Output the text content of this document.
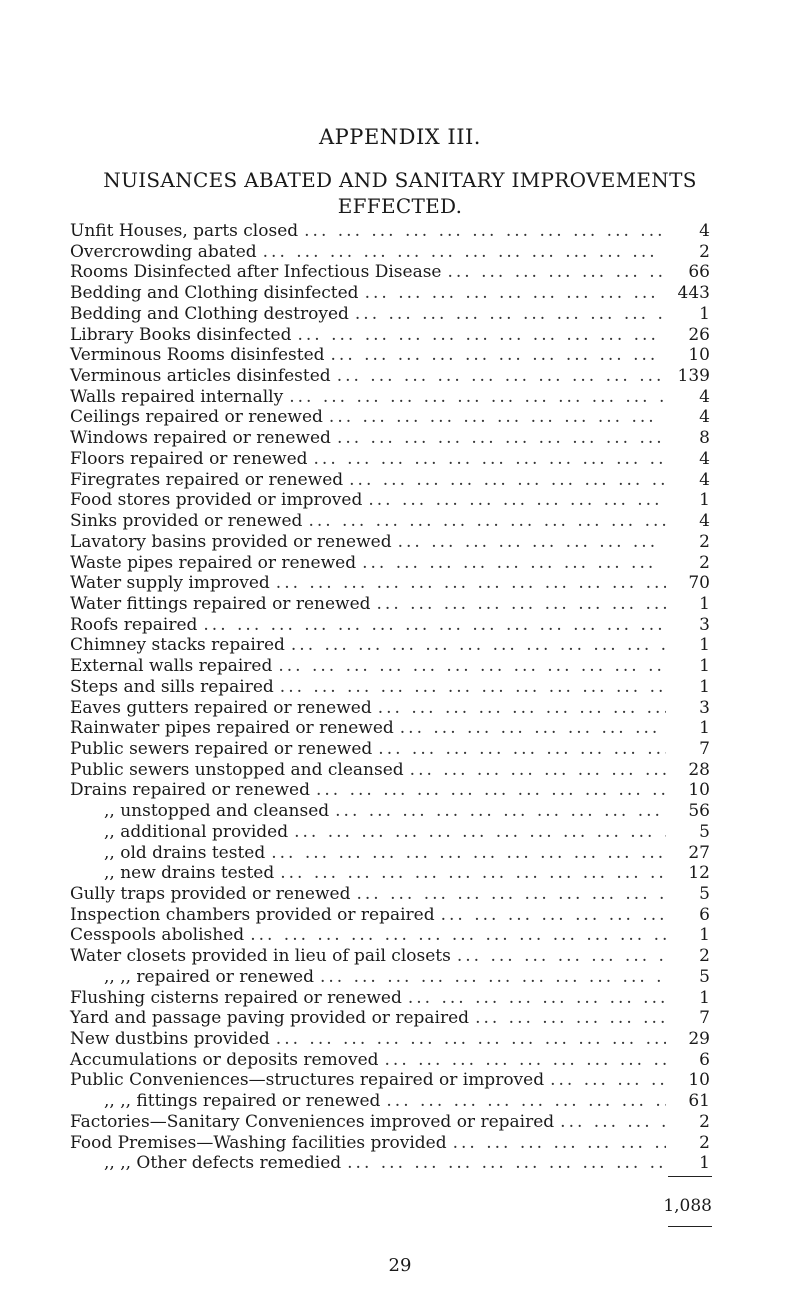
APPENDIX III.
NUISANCES ABATED AND SANITARY IMPROVEMENTS EFFECTED.
Unfit Houses, parts closed ... .	4
Overcrowding abated ... .	2
Rooms Disinfected after Infectious Disease ... .	66
Bedding and Clothing disinfected ... .	443
Bedding and Clothing destroyed ... .	1
Library Books disinfected ... .	26
Verminous Rooms disinfested ... .	10
Verminous articles disinfested ... .	139
Walls repaired internally ... .	4
Ceilings repaired or renewed ... .	4
Windows repaired or renewed ... .	8
Floors repaired or renewed ... .	4
Firegrates repaired or renewed ... .	4
Food stores provided or improved ... .	1
Sinks provided or renewed ... .	4
Lavatory basins provided or renewed ... .	2
Waste pipes repaired or renewed ... .	2
Water supply improved ... .	70
Water fittings repaired or renewed ... .	1
Roofs repaired ... .	3
Chimney stacks repaired ... .	1
External walls repaired ... .	1
Steps and sills repaired ... .	1
Eaves gutters repaired or renewed ... .	3
Rainwater pipes repaired or renewed ... .	1
Public sewers repaired or renewed ... .	7
Public sewers unstopped and cleansed ... .	28
Drains repaired or renewed ... .	10
,, unstopped and cleansed ... .	56
,, additional provided ... .	5
,, old drains tested ... .	27
,, new drains tested ... .	12
Gully traps provided or renewed ... .	5
Inspection chambers provided or repaired ... .	6
Cesspools abolished ... .	1
Water closets provided in lieu of pail closets ... .	2
,, ,, repaired or renewed ... .	5
Flushing cisterns repaired or renewed ... .	1
Yard and passage paving provided or repaired ... .	7
New dustbins provided ... .	29
Accumulations or deposits removed ... .	6
Public Conveniences—structures repaired or improved ... .	10
,, ,, fittings repaired or renewed ... .	61
Factories—Sanitary Conveniences improved or repaired ... .	2
Food Premises—Washing facilities provided ... .	2
,, ,, Other defects remedied ... .	1
1,088
29
